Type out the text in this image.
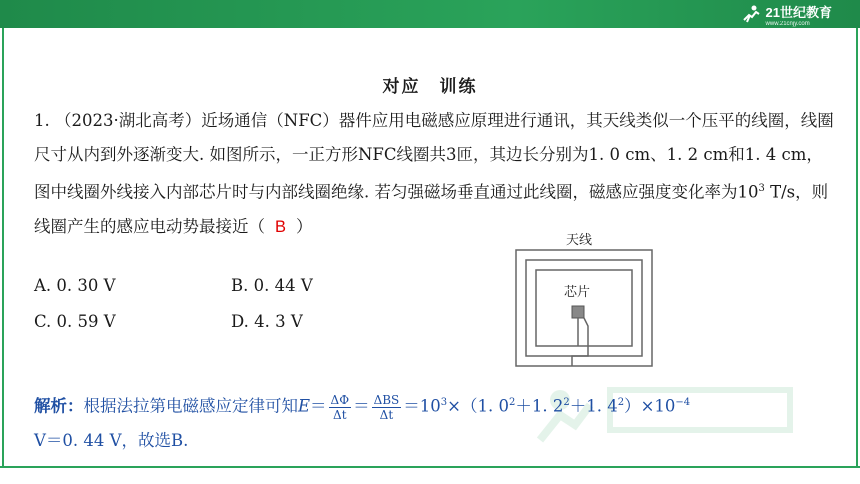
21世纪教育
www.21cnjy.com
对应　训练
1. （2023·湖北高考）近场通信（NFC）器件应用电磁感应原理进行通讯，其天线类似一个压平的线圈，线圈尺寸从内到外逐渐变大. 如图所示，一正方形NFC线圈共3匝，其边长分别为1. 0 cm、1. 2 cm和1. 4 cm，图中线圈外线接入内部芯片时与内部线圈绝缘. 若匀强磁场垂直通过此线圈，磁感应强度变化率为$10^3$ T/s，则线圈产生的感应电动势最接近（ B ）
A. 0. 30 V	B. 0. 44 V
C. 0. 59 V	D. 4. 3 V
天线
芯片
解析：根据法拉第电磁感应定律可知$E= \frac{\Delta\Phi}{\Delta t} = \frac{\text{ΔBS}}{\Delta t} =10^3\times(1$. $0^2+1$. $2^2+1$. $4^2)\times 10^{-4}$
V＝0. 44 V，故选B.
